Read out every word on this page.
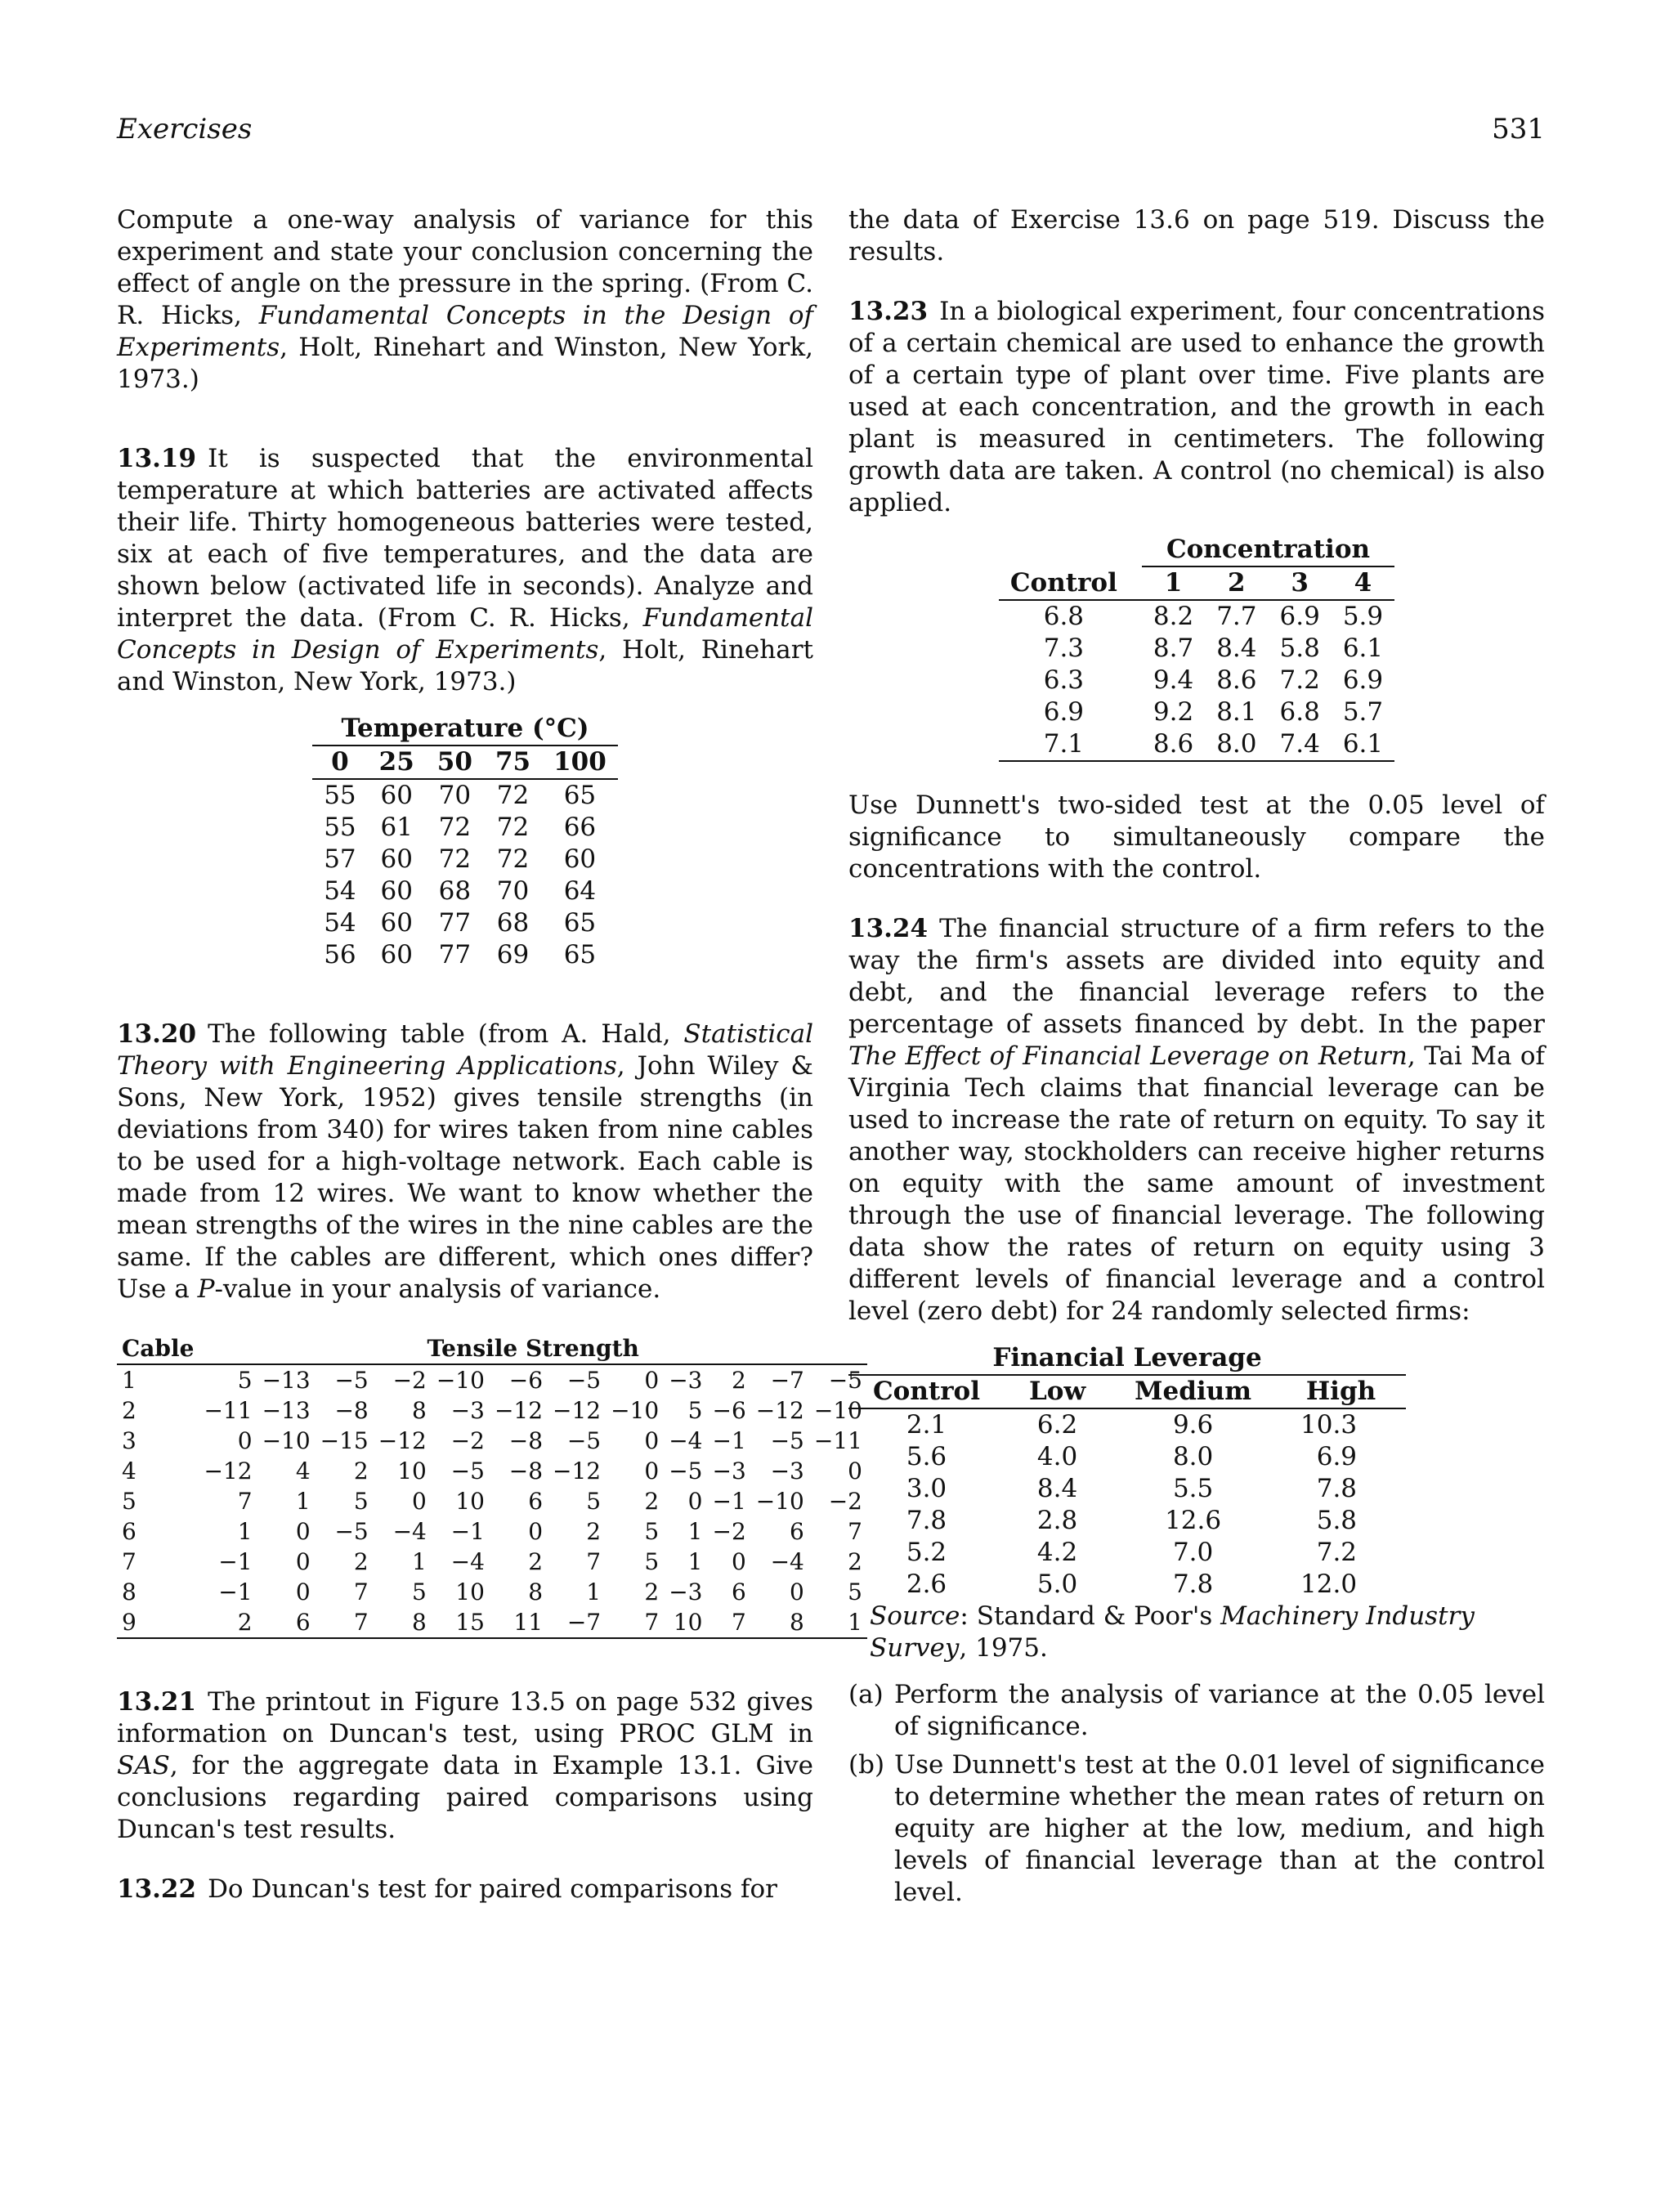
Exercises	531

Compute a one-way analysis of variance for this experiment and state your conclusion concerning the effect of angle on the pressure in the spring. (From C. R. Hicks, Fundamental Concepts in the Design of Experiments, Holt, Rinehart and Winston, New York, 1973.)

13.19 It is suspected that the environmental temperature at which batteries are activated affects their life. Thirty homogeneous batteries were tested, six at each of five temperatures, and the data are shown below (activated life in seconds). Analyze and interpret the data. (From C. R. Hicks, Fundamental Concepts in Design of Experiments, Holt, Rinehart and Winston, New York, 1973.)

Temperature (°C)				
0	25	50	75	100
55	60	70	72	65
55	61	72	72	66
57	60	72	72	60
54	60	68	70	64
54	60	77	68	65
56	60	77	69	65

13.20 The following table (from A. Hald, Statistical Theory with Engineering Applications, John Wiley & Sons, New York, 1952) gives tensile strengths (in deviations from 340) for wires taken from nine cables to be used for a high-voltage network. Each cable is made from 12 wires. We want to know whether the mean strengths of the wires in the nine cables are the same. If the cables are different, which ones differ? Use a P-value in your analysis of variance.

Cable	Tensile Strength											
1	5	−13	−5	−2	−10	−6	−5	0	−3	2	−7	−5
2	−11	−13	−8	8	−3	−12	−12	−10	5	−6	−12	−10
3	0	−10	−15	−12	−2	−8	−5	0	−4	−1	−5	−11
4	−12	4	2	10	−5	−8	−12	0	−5	−3	−3	0
5	7	1	5	0	10	6	5	2	0	−1	−10	−2
6	1	0	−5	−4	−1	0	2	5	1	−2	6	7
7	−1	0	2	1	−4	2	7	5	1	0	−4	2
8	−1	0	7	5	10	8	1	2	−3	6	0	5
9	2	6	7	8	15	11	−7	7	10	7	8	1

13.21 The printout in Figure 13.5 on page 532 gives information on Duncan's test, using PROC GLM in SAS, for the aggregate data in Example 13.1. Give conclusions regarding paired comparisons using Duncan's test results.

13.22 Do Duncan's test for paired comparisons for

the data of Exercise 13.6 on page 519. Discuss the results.

13.23 In a biological experiment, four concentrations of a certain chemical are used to enhance the growth of a certain type of plant over time. Five plants are used at each concentration, and the growth in each plant is measured in centimeters. The following growth data are taken. A control (no chemical) is also applied.

	Concentration			
Control	1	2	3	4
6.8	8.2	7.7	6.9	5.9
7.3	8.7	8.4	5.8	6.1
6.3	9.4	8.6	7.2	6.9
6.9	9.2	8.1	6.8	5.7
7.1	8.6	8.0	7.4	6.1

Use Dunnett's two-sided test at the 0.05 level of significance to simultaneously compare the concentrations with the control.

13.24 The financial structure of a firm refers to the way the firm's assets are divided into equity and debt, and the financial leverage refers to the percentage of assets financed by debt. In the paper The Effect of Financial Leverage on Return, Tai Ma of Virginia Tech claims that financial leverage can be used to increase the rate of return on equity. To say it another way, stockholders can receive higher returns on equity with the same amount of investment through the use of financial leverage. The following data show the rates of return on equity using 3 different levels of financial leverage and a control level (zero debt) for 24 randomly selected firms:

Financial Leverage			
Control	Low	Medium	High
2.1	6.2	9.6	10.3
5.6	4.0	8.0	6.9
3.0	8.4	5.5	7.8
7.8	2.8	12.6	5.8
5.2	4.2	7.0	7.2
2.6	5.0	7.8	12.0
Source: Standard & Poor's Machinery Industry Survey, 1975.
(a) Perform the analysis of variance at the 0.05 level of significance.
(b) Use Dunnett's test at the 0.01 level of significance to determine whether the mean rates of return on equity are higher at the low, medium, and high levels of financial leverage than at the control level.
